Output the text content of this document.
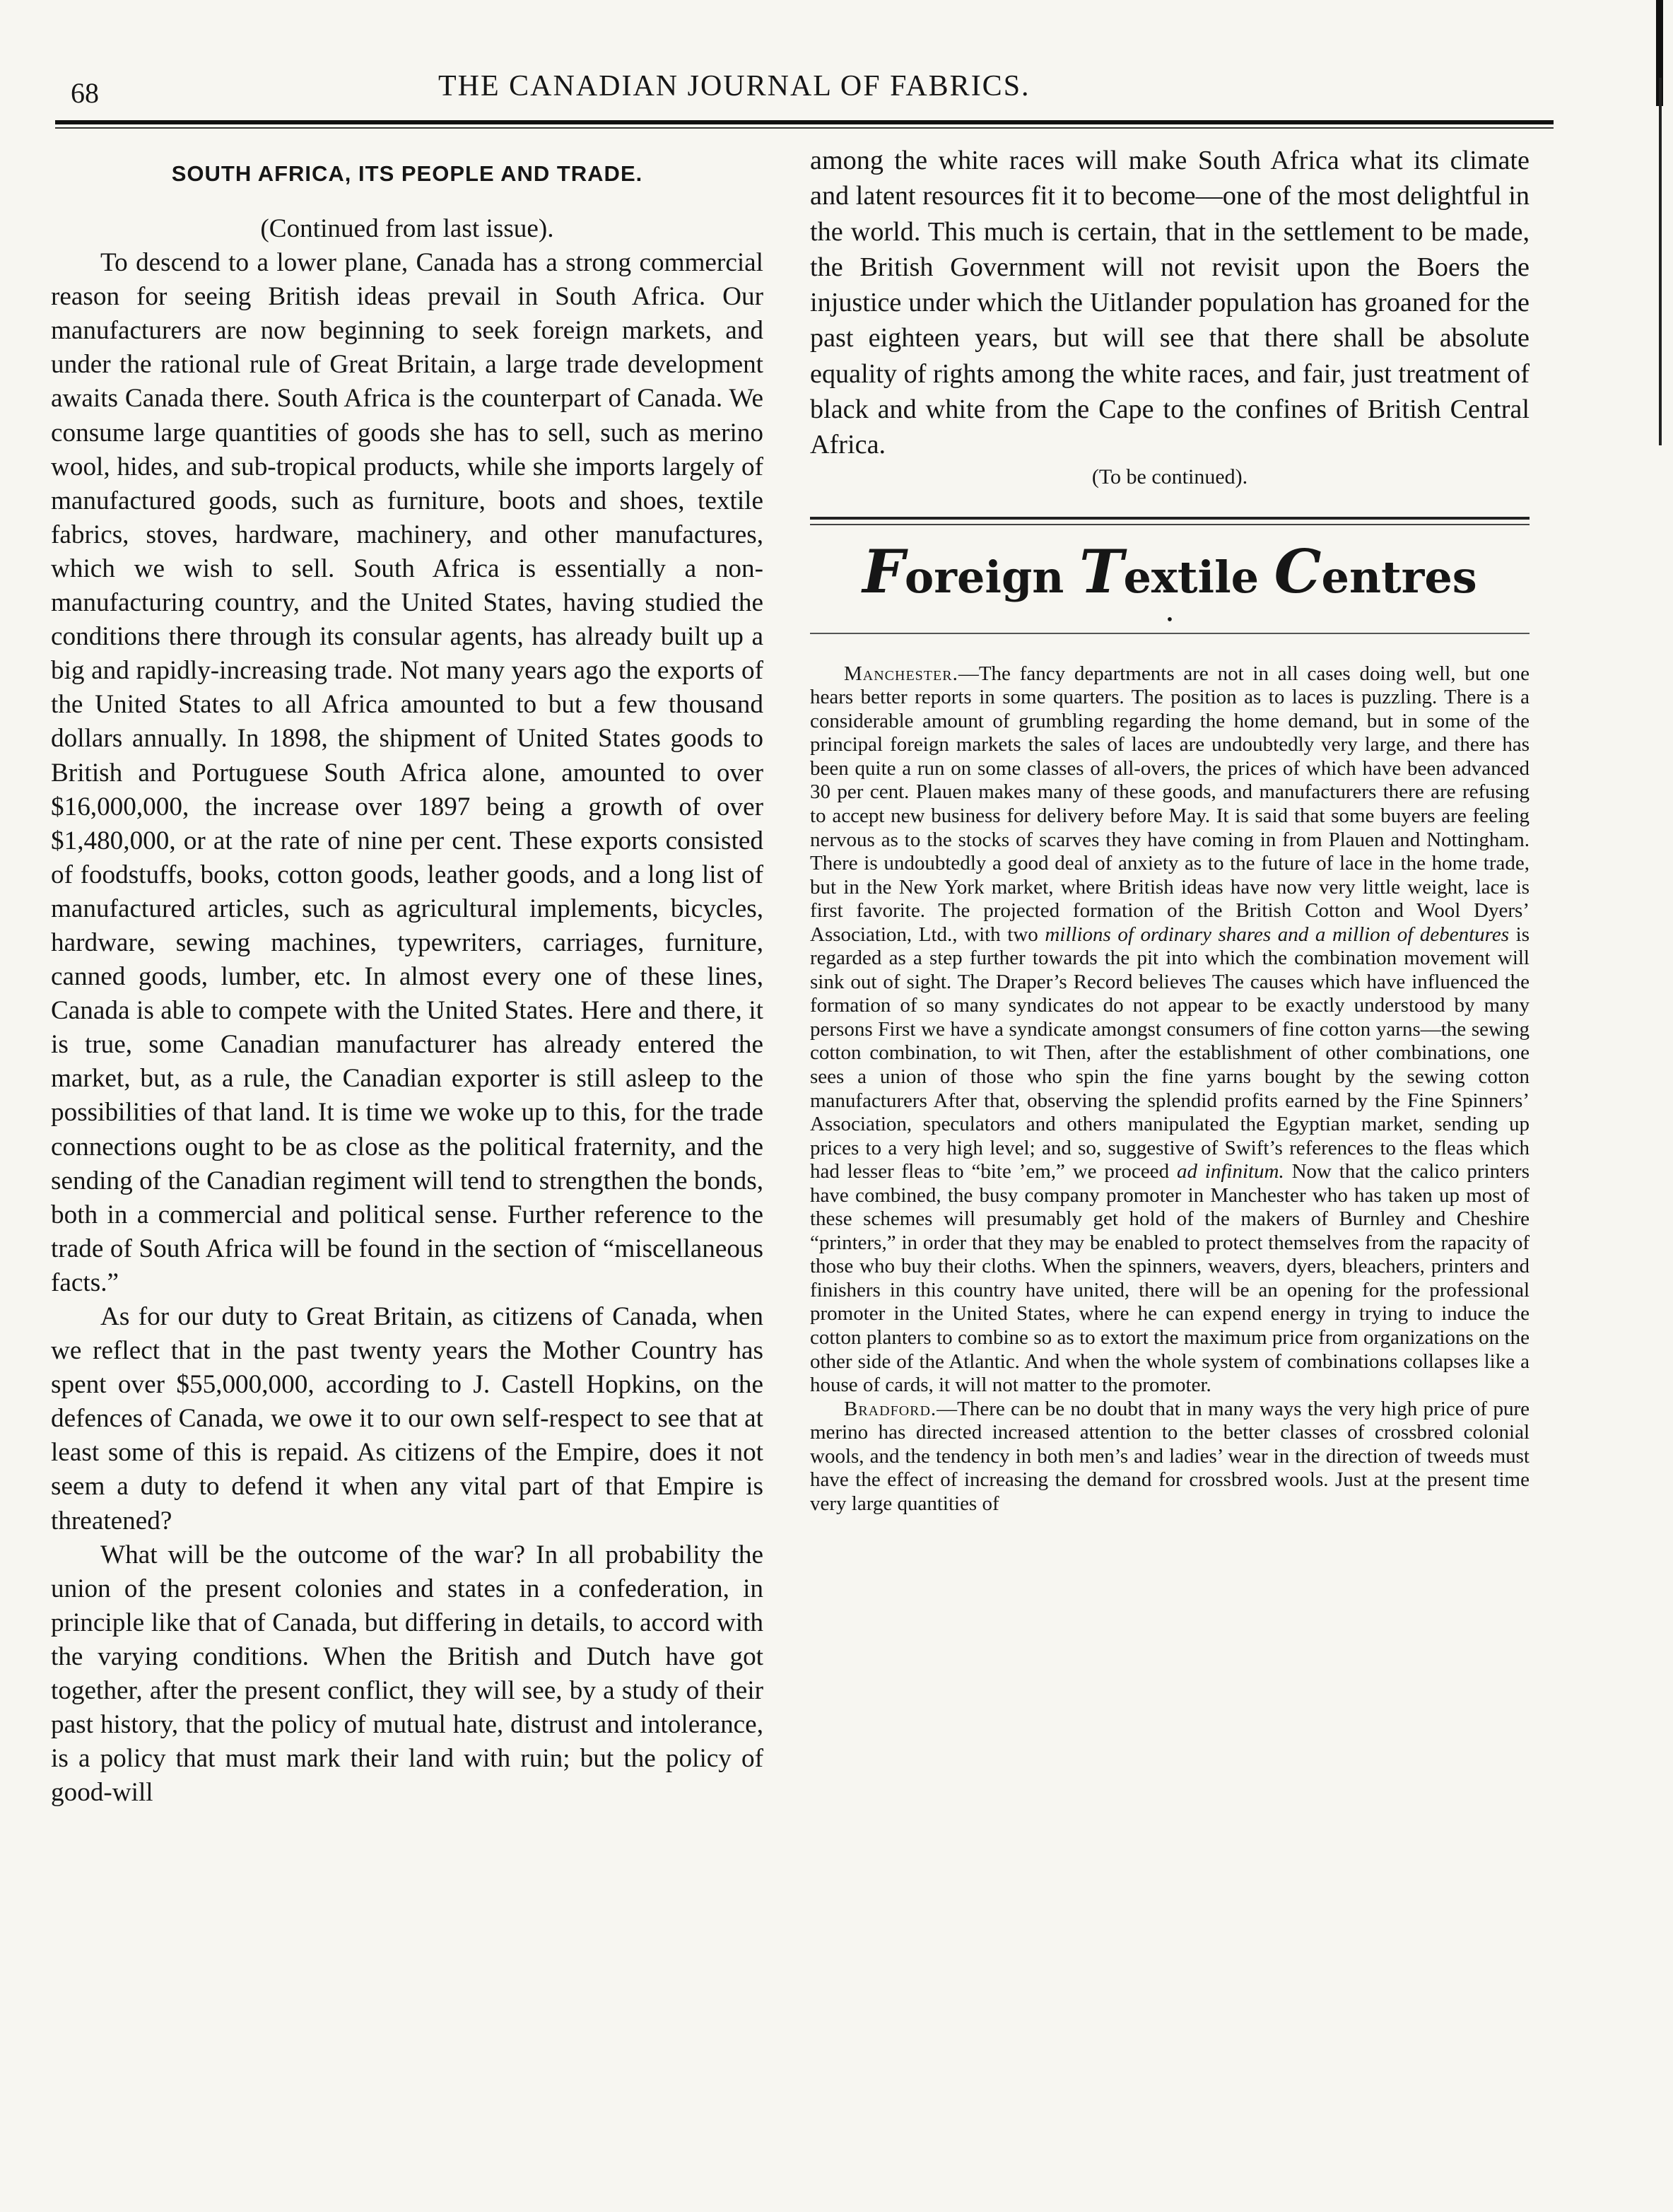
68	THE CANADIAN JOURNAL OF FABRICS.
SOUTH AFRICA, ITS PEOPLE AND TRADE.

(Continued from last issue).

To descend to a lower plane, Canada has a strong commercial reason for seeing British ideas prevail in South Africa. Our manufacturers are now beginning to seek foreign markets, and under the rational rule of Great Britain, a large trade development awaits Canada there. South Africa is the counterpart of Canada. We consume large quantities of goods she has to sell, such as merino wool, hides, and sub-tropical products, while she imports largely of manufactured goods, such as furniture, boots and shoes, textile fabrics, stoves, hardware, machinery, and other manufactures, which we wish to sell. South Africa is essentially a non-manufacturing country, and the United States, having studied the conditions there through its consular agents, has already built up a big and rapidly-increasing trade. Not many years ago the exports of the United States to all Africa amounted to but a few thousand dollars annually. In 1898, the shipment of United States goods to British and Portuguese South Africa alone, amounted to over $16,000,000, the increase over 1897 being a growth of over $1,480,000, or at the rate of nine per cent. These exports consisted of foodstuffs, books, cotton goods, leather goods, and a long list of manufactured articles, such as agricultural implements, bicycles, hardware, sewing machines, typewriters, carriages, furniture, canned goods, lumber, etc. In almost every one of these lines, Canada is able to compete with the United States. Here and there, it is true, some Canadian manufacturer has already entered the market, but, as a rule, the Canadian exporter is still asleep to the possibilities of that land. It is time we woke up to this, for the trade connections ought to be as close as the political fraternity, and the sending of the Canadian regiment will tend to strengthen the bonds, both in a commercial and political sense. Further reference to the trade of South Africa will be found in the section of “miscellaneous facts.”

As for our duty to Great Britain, as citizens of Canada, when we reflect that in the past twenty years the Mother Country has spent over $55,000,000, according to J. Castell Hopkins, on the defences of Canada, we owe it to our own self-respect to see that at least some of this is repaid. As citizens of the Empire, does it not seem a duty to defend it when any vital part of that Empire is threatened?

What will be the outcome of the war? In all probability the union of the present colonies and states in a confederation, in principle like that of Canada, but differing in details, to accord with the varying conditions. When the British and Dutch have got together, after the present conflict, they will see, by a study of their past history, that the policy of mutual hate, distrust and intolerance, is a policy that must mark their land with ruin; but the policy of good-will

among the white races will make South Africa what its climate and latent resources fit it to become—one of the most delightful in the world. This much is certain, that in the settlement to be made, the British Government will not revisit upon the Boers the injustice under which the Uitlander population has groaned for the past eighteen years, but will see that there shall be absolute equality of rights among the white races, and fair, just treatment of black and white from the Cape to the confines of British Central Africa.
(To be continued).
Foreign Textile Centres
•

Manchester.—The fancy departments are not in all cases doing well, but one hears better reports in some quarters. The position as to laces is puzzling. There is a considerable amount of grumbling regarding the home demand, but in some of the principal foreign markets the sales of laces are undoubtedly very large, and there has been quite a run on some classes of all-overs, the prices of which have been advanced 30 per cent. Plauen makes many of these goods, and manufacturers there are refusing to accept new business for delivery before May. It is said that some buyers are feeling nervous as to the stocks of scarves they have coming in from Plauen and Nottingham. There is undoubtedly a good deal of anxiety as to the future of lace in the home trade, but in the New York market, where British ideas have now very little weight, lace is first favorite. The projected formation of the British Cotton and Wool Dyers’ Association, Ltd., with two millions of ordinary shares and a million of debentures is regarded as a step further towards the pit into which the combination movement will sink out of sight. The Draper’s Record believes The causes which have influenced the formation of so many syndicates do not appear to be exactly understood by many persons First we have a syndicate amongst consumers of fine cotton yarns—the sewing cotton combination, to wit Then, after the establishment of other combinations, one sees a union of those who spin the fine yarns bought by the sewing cotton manufacturers After that, observing the splendid profits earned by the Fine Spinners’ Association, speculators and others manipulated the Egyptian market, sending up prices to a very high level; and so, suggestive of Swift’s references to the fleas which had lesser fleas to “bite ’em,” we proceed ad infinitum. Now that the calico printers have combined, the busy company promoter in Manchester who has taken up most of these schemes will presumably get hold of the makers of Burnley and Cheshire “printers,” in order that they may be enabled to protect themselves from the rapacity of those who buy their cloths. When the spinners, weavers, dyers, bleachers, printers and finishers in this country have united, there will be an opening for the professional promoter in the United States, where he can expend energy in trying to induce the cotton planters to combine so as to extort the maximum price from organizations on the other side of the Atlantic. And when the whole system of combinations collapses like a house of cards, it will not matter to the promoter.

Bradford.—There can be no doubt that in many ways the very high price of pure merino has directed increased attention to the better classes of crossbred colonial wools, and the tendency in both men’s and ladies’ wear in the direction of tweeds must have the effect of increasing the demand for crossbred wools. Just at the present time very large quantities of
